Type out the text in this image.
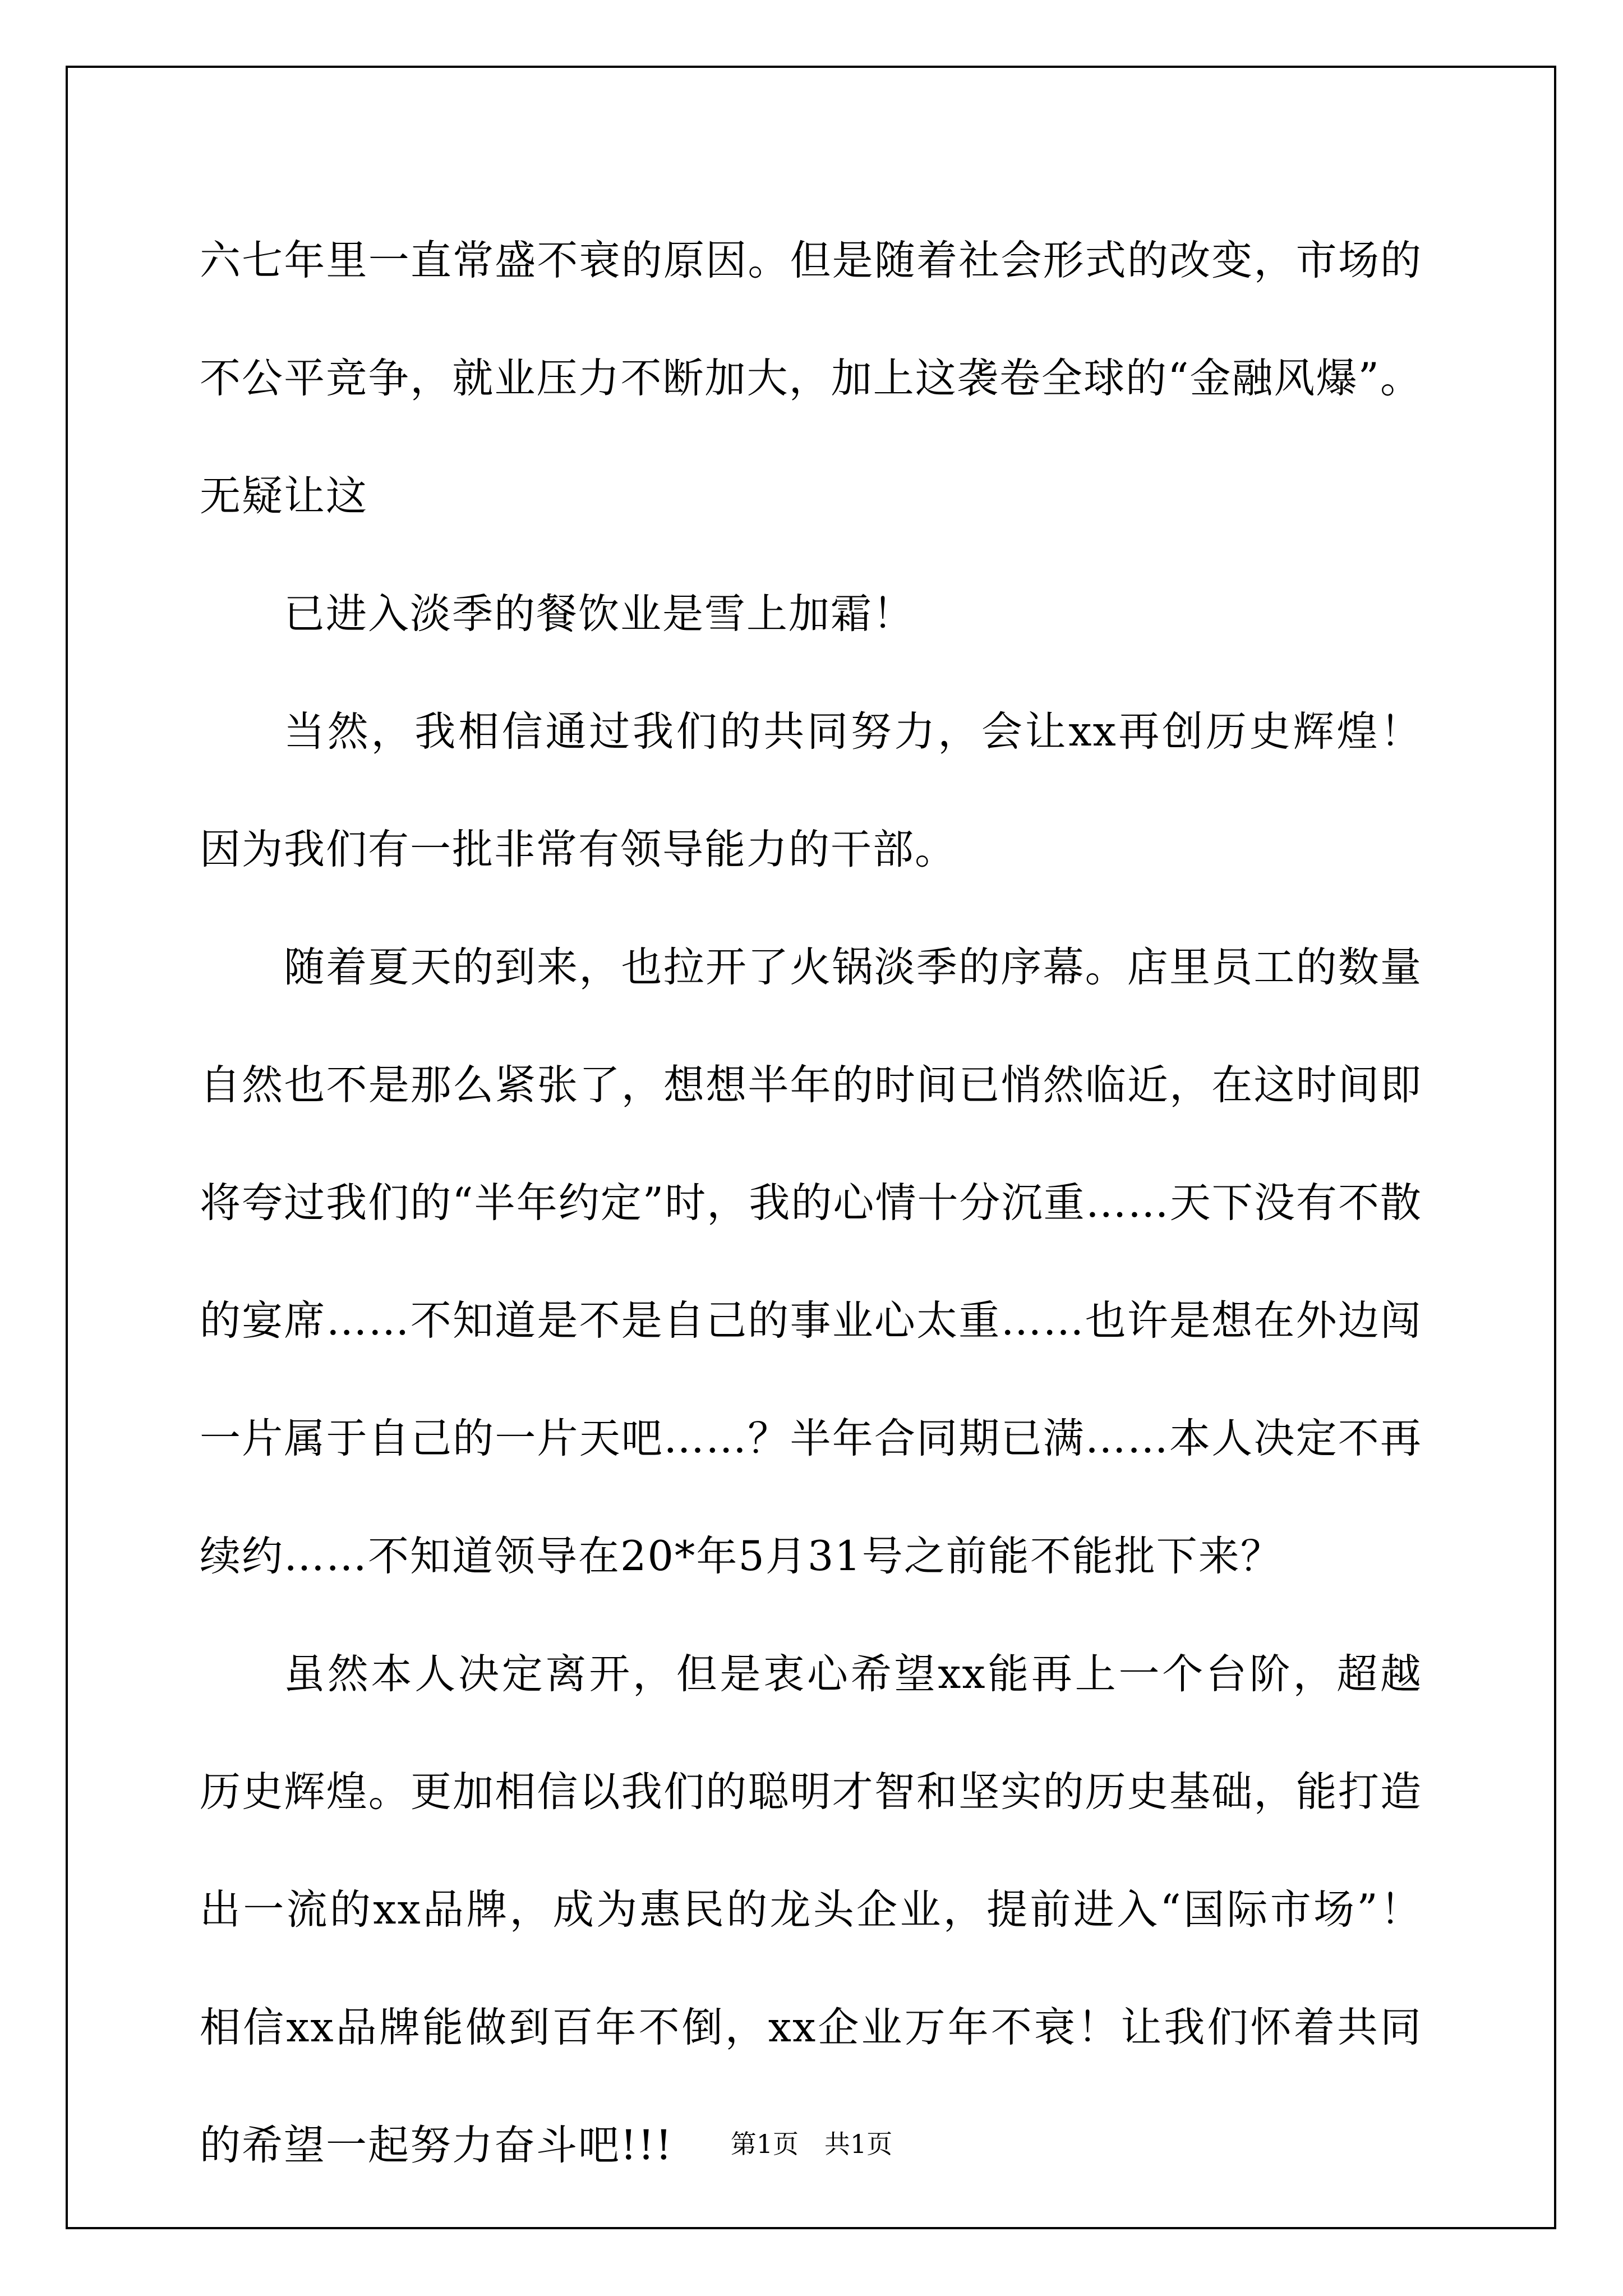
六七年里一直常盛不衰的原因。但是随着社会形式的改变，市场的不公平竞争，就业压力不断加大，加上这袭卷全球的“金融风爆”。无疑让这

已进入淡季的餐饮业是雪上加霜！

当然，我相信通过我们的共同努力，会让xx再创历史辉煌！因为我们有一批非常有领导能力的干部。

随着夏天的到来，也拉开了火锅淡季的序幕。店里员工的数量自然也不是那么紧张了，想想半年的时间已悄然临近，在这时间即将夸过我们的“半年约定”时，我的心情十分沉重……天下没有不散的宴席……不知道是不是自己的事业心太重……也许是想在外边闯一片属于自己的一片天吧……？半年合同期已满……本人决定不再续约……不知道领导在20*年5月31号之前能不能批下来？

虽然本人决定离开，但是衷心希望xx能再上一个台阶，超越历史辉煌。更加相信以我们的聪明才智和坚实的历史基础，能打造出一流的xx品牌，成为惠民的龙头企业，提前进入“国际市场”！相信xx品牌能做到百年不倒，xx企业万年不衰！让我们怀着共同的希望一起努力奋斗吧!!!	第1页　共1页
